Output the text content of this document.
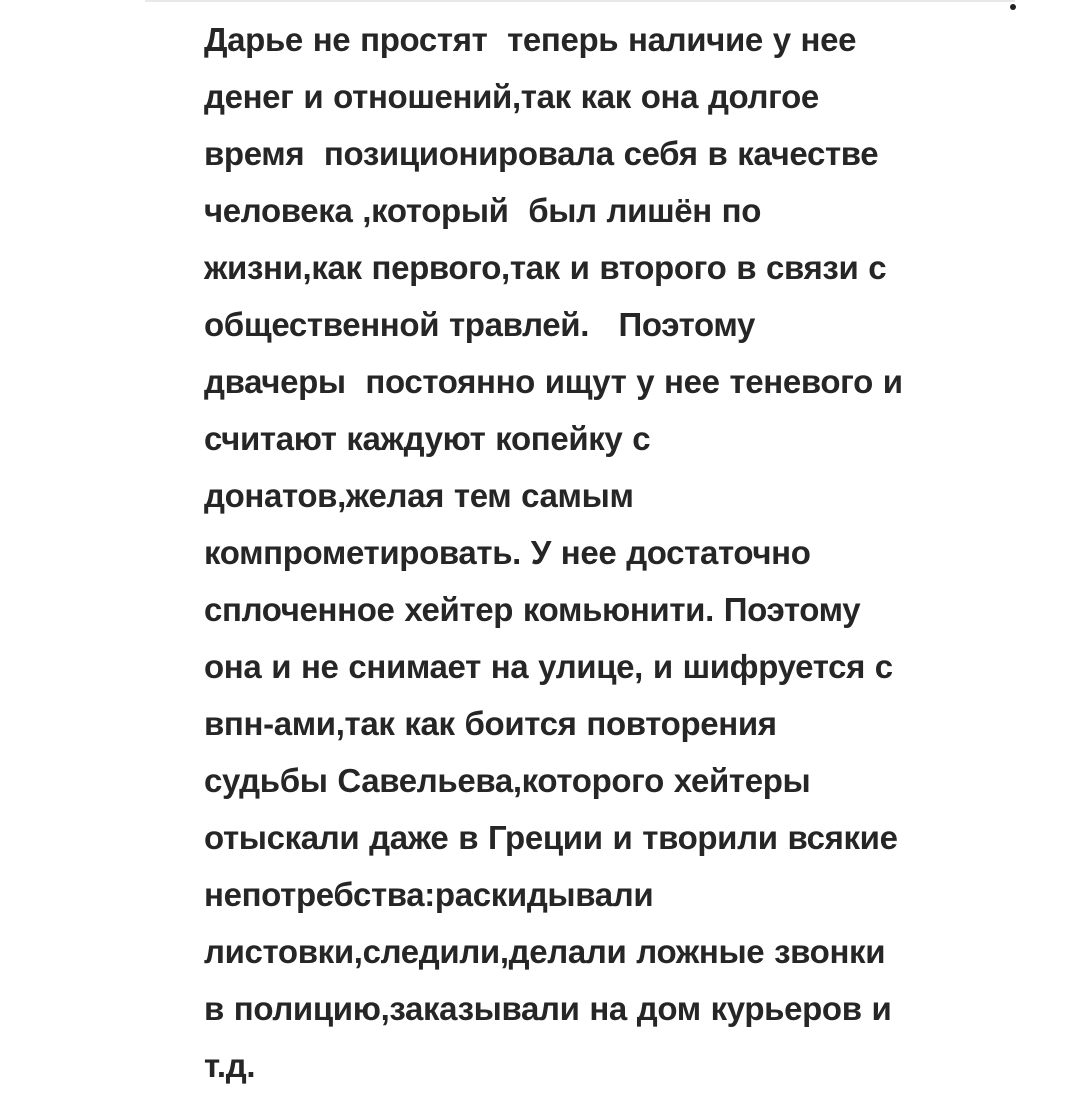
Дарье не простят  теперь наличие у нее
денег и отношений,так как она долгое
время  позиционировала себя в качестве
человека ,который  был лишён по
жизни,как первого,так и второго в связи с
общественной травлей.   Поэтому
двачеры  постоянно ищут у нее теневого и
считают каждуют копейку с
донатов,желая тем самым
компрометировать. У нее достаточно
сплоченное хейтер комьюнити. Поэтому
она и не снимает на улице, и шифруется с
впн-ами,так как боится повторения
судьбы Савельева,которого хейтеры
отыскали даже в Греции и творили всякие
непотребства:раскидывали
листовки,следили,делали ложные звонки
в полицию,заказывали на дом курьеров и
т.д.
